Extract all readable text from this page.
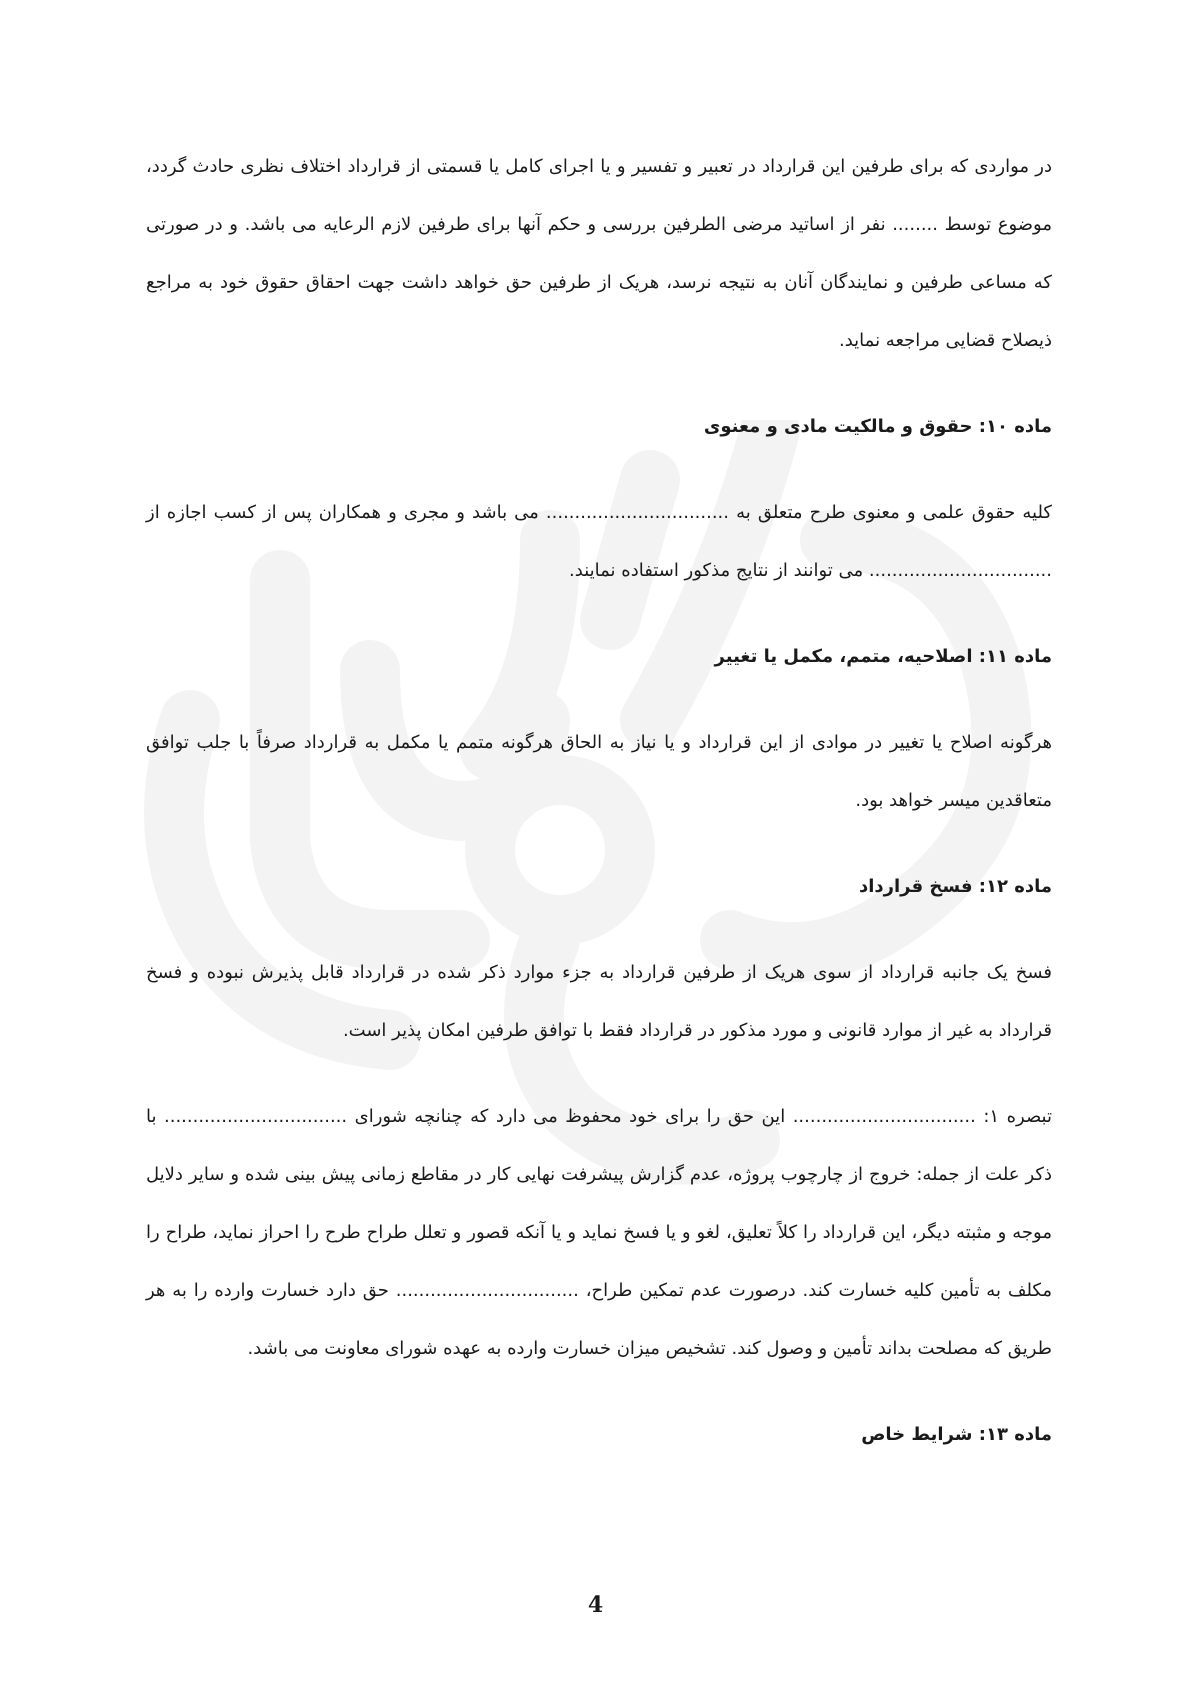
در مواردی که برای طرفین این قرارداد در تعبیر و تفسیر و یا اجرای کامل یا قسمتی از قرارداد اختلاف نظری حادث گردد، موضوع توسط ........ نفر از اساتید مرضی الطرفین بررسی و حکم آنها برای طرفین لازم الرعایه می باشد. و در صورتی که مساعی طرفین و نمایندگان آنان به نتیجه نرسد، هریک از طرفین حق خواهد داشت جهت احقاق حقوق خود به مراجع ذیصلاح قضایی مراجعه نماید.

ماده ۱۰: حقوق و مالکیت مادی و معنوی

کلیه حقوق علمی و معنوی طرح متعلق به ................................ می باشد و مجری و همکاران پس از کسب اجازه از ................................ می توانند از نتایج مذکور استفاده نمایند.

ماده ۱۱: اصلاحیه، متمم، مکمل یا تغییر

هرگونه اصلاح یا تغییر در موادی از این قرارداد و یا نیاز به الحاق هرگونه متمم یا مکمل به قرارداد صرفاً با جلب توافق متعاقدین میسر خواهد بود.

ماده ۱۲: فسخ قرارداد

فسخ یک جانبه قرارداد از سوی هریک از طرفین قرارداد به جزء موارد ذکر شده در قرارداد قابل پذیرش نبوده و فسخ قرارداد به غیر از موارد قانونی و مورد مذکور در قرارداد فقط با توافق طرفین امکان پذیر است.

تبصره ۱: ................................ این حق را برای خود محفوظ می دارد که چنانچه شورای ................................ با ذکر علت از جمله: خروج از چارچوب پروژه، عدم گزارش پیشرفت نهایی کار در مقاطع زمانی پیش بینی شده و سایر دلایل موجه و مثبته دیگر، این قرارداد را کلاً تعلیق، لغو و یا فسخ نماید و یا آنکه قصور و تعلل طراح طرح را احراز نماید، طراح را مکلف به تأمین کلیه خسارت کند. درصورت عدم تمکین طراح، ................................ حق دارد خسارت وارده را به هر طریق که مصلحت بداند تأمین و وصول کند. تشخیص میزان خسارت وارده به عهده شورای معاونت می باشد.

ماده ۱۳: شرایط خاص

4
